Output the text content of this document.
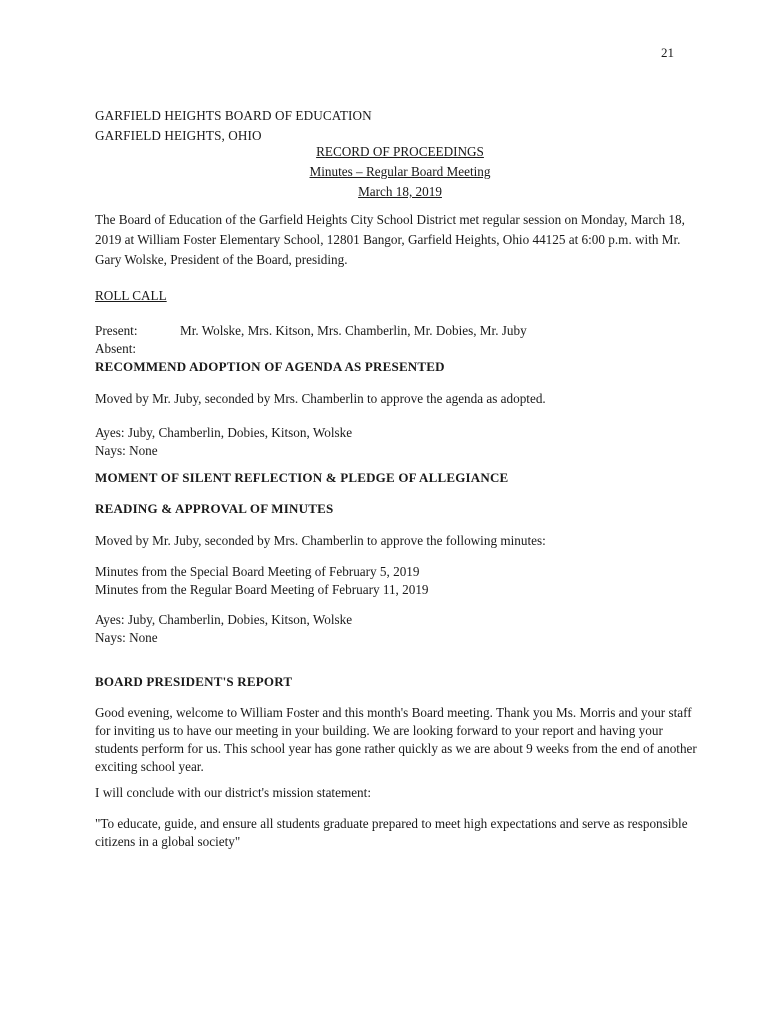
21
GARFIELD HEIGHTS BOARD OF EDUCATION
GARFIELD HEIGHTS, OHIO
RECORD OF PROCEEDINGS
Minutes – Regular Board Meeting
March 18, 2019
The Board of Education of the Garfield Heights City School District met regular session on Monday, March 18, 2019 at William Foster Elementary School, 12801 Bangor, Garfield Heights, Ohio 44125 at 6:00 p.m. with Mr. Gary Wolske, President of the Board, presiding.
ROLL CALL
Present:	Mr. Wolske, Mrs. Kitson, Mrs. Chamberlin, Mr. Dobies, Mr. Juby
Absent:
RECOMMEND ADOPTION OF AGENDA AS PRESENTED
Moved by Mr. Juby, seconded by Mrs. Chamberlin to approve the agenda as adopted.
Ayes: Juby, Chamberlin, Dobies, Kitson, Wolske
Nays: None
MOMENT OF SILENT REFLECTION & PLEDGE OF ALLEGIANCE
READING & APPROVAL OF MINUTES
Moved by Mr. Juby, seconded by Mrs. Chamberlin to approve the following minutes:
Minutes from the Special Board Meeting of February 5, 2019
Minutes from the Regular Board Meeting of February 11, 2019
Ayes: Juby, Chamberlin, Dobies, Kitson, Wolske
Nays: None
BOARD PRESIDENT'S REPORT
Good evening, welcome to William Foster and this month's Board meeting. Thank you Ms. Morris and your staff for inviting us to have our meeting in your building. We are looking forward to your report and having your students perform for us. This school year has gone rather quickly as we are about 9 weeks from the end of another exciting school year.
I will conclude with our district's mission statement:
"To educate, guide, and ensure all students graduate prepared to meet high expectations and serve as responsible citizens in a global society"
